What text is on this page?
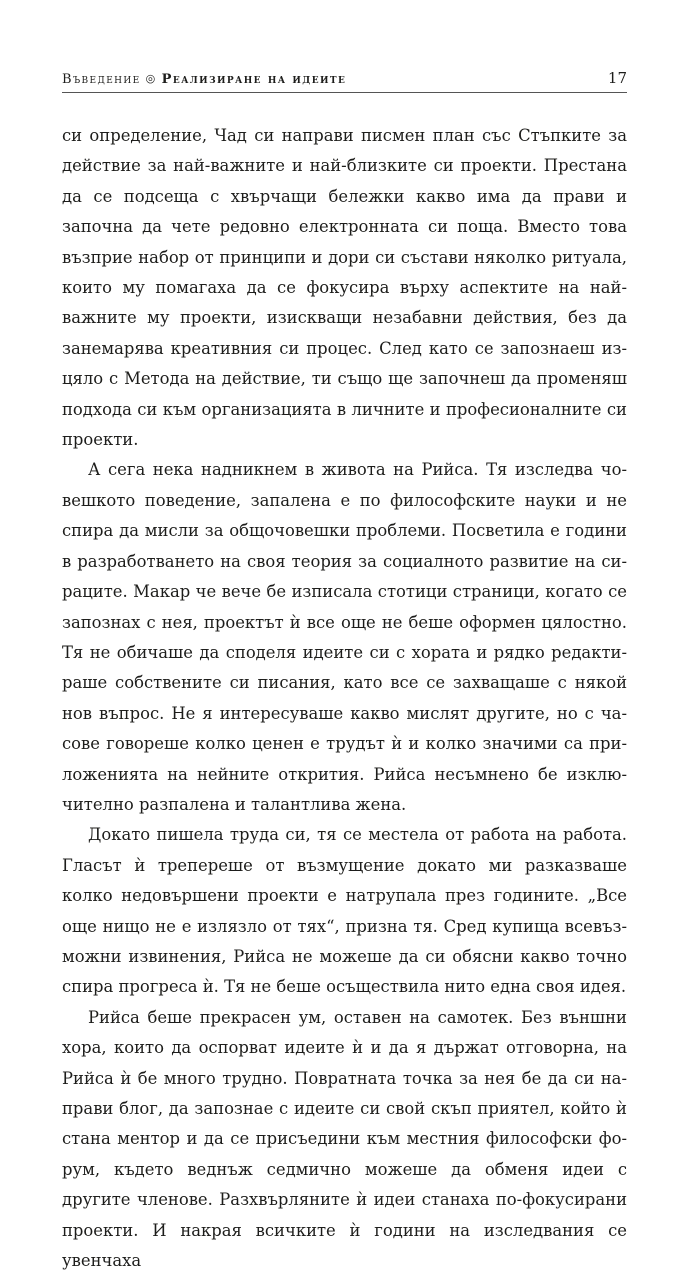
Въведение ◎ Реализиране на идеите	17

си определение, Чад си направи писмен план със Стъпките за действие за най-важните и най-близките си проекти. Престана да се подсеща с хвърчащи бележки какво има да прави и започна да чете редовно електронната си поща. Вместо това възприе набор от принципи и дори си състави няколко ритуала, които му помагаха да се фокусира върху аспектите на най-важните му проекти, изискващи незабавни действия, без да занемарява креативния си процес. След като се запознаеш изцяло с Метода на действие, ти също ще започнеш да променяш подхода си към организацията в личните и професионалните си проекти.

А сега нека надникнем в живота на Рийса. Тя изследва човешкото поведение, запалена е по философските науки и не спира да мисли за общочовешки проблеми. Посветила е години в разработването на своя теория за социалното развитие на сираците. Макар че вече бе изписала стотици страници, когато се запознах с нея, проектът ѝ все още не беше оформен цялостно. Тя не обичаше да споделя идеите си с хората и рядко редактираше собствените си писания, като все се захващаше с някой нов въпрос. Не я интересуваше какво мислят другите, но с часове говореше колко ценен е трудът ѝ и колко значими са приложенията на нейните открития. Рийса несъмнено бе изключително разпалена и талантлива жена.

Докато пишела труда си, тя се местела от работа на работа. Гласът ѝ трепереше от възмущение докато ми разказваше колко недовършени проекти е натрупала през годините. „Все още нищо не е излязло от тях“, призна тя. Сред купища всевъзможни извинения, Рийса не можеше да си обясни какво точно спира прогреса ѝ. Тя не беше осъществила нито една своя идея.

Рийса беше прекрасен ум, оставен на самотек. Без външни хора, които да оспорват идеите ѝ и да я държат отговорна, на Рийса ѝ бе много трудно. Повратната точка за нея бе да си направи блог, да запознае с идеите си свой скъп приятел, който ѝ стана ментор и да се присъедини към местния философски форум, където веднъж седмично можеше да обменя идеи с другите членове. Разхвърляните ѝ идеи станаха по-фокусирани проекти. И накрая всичките ѝ години на изследвания се увенчаха
